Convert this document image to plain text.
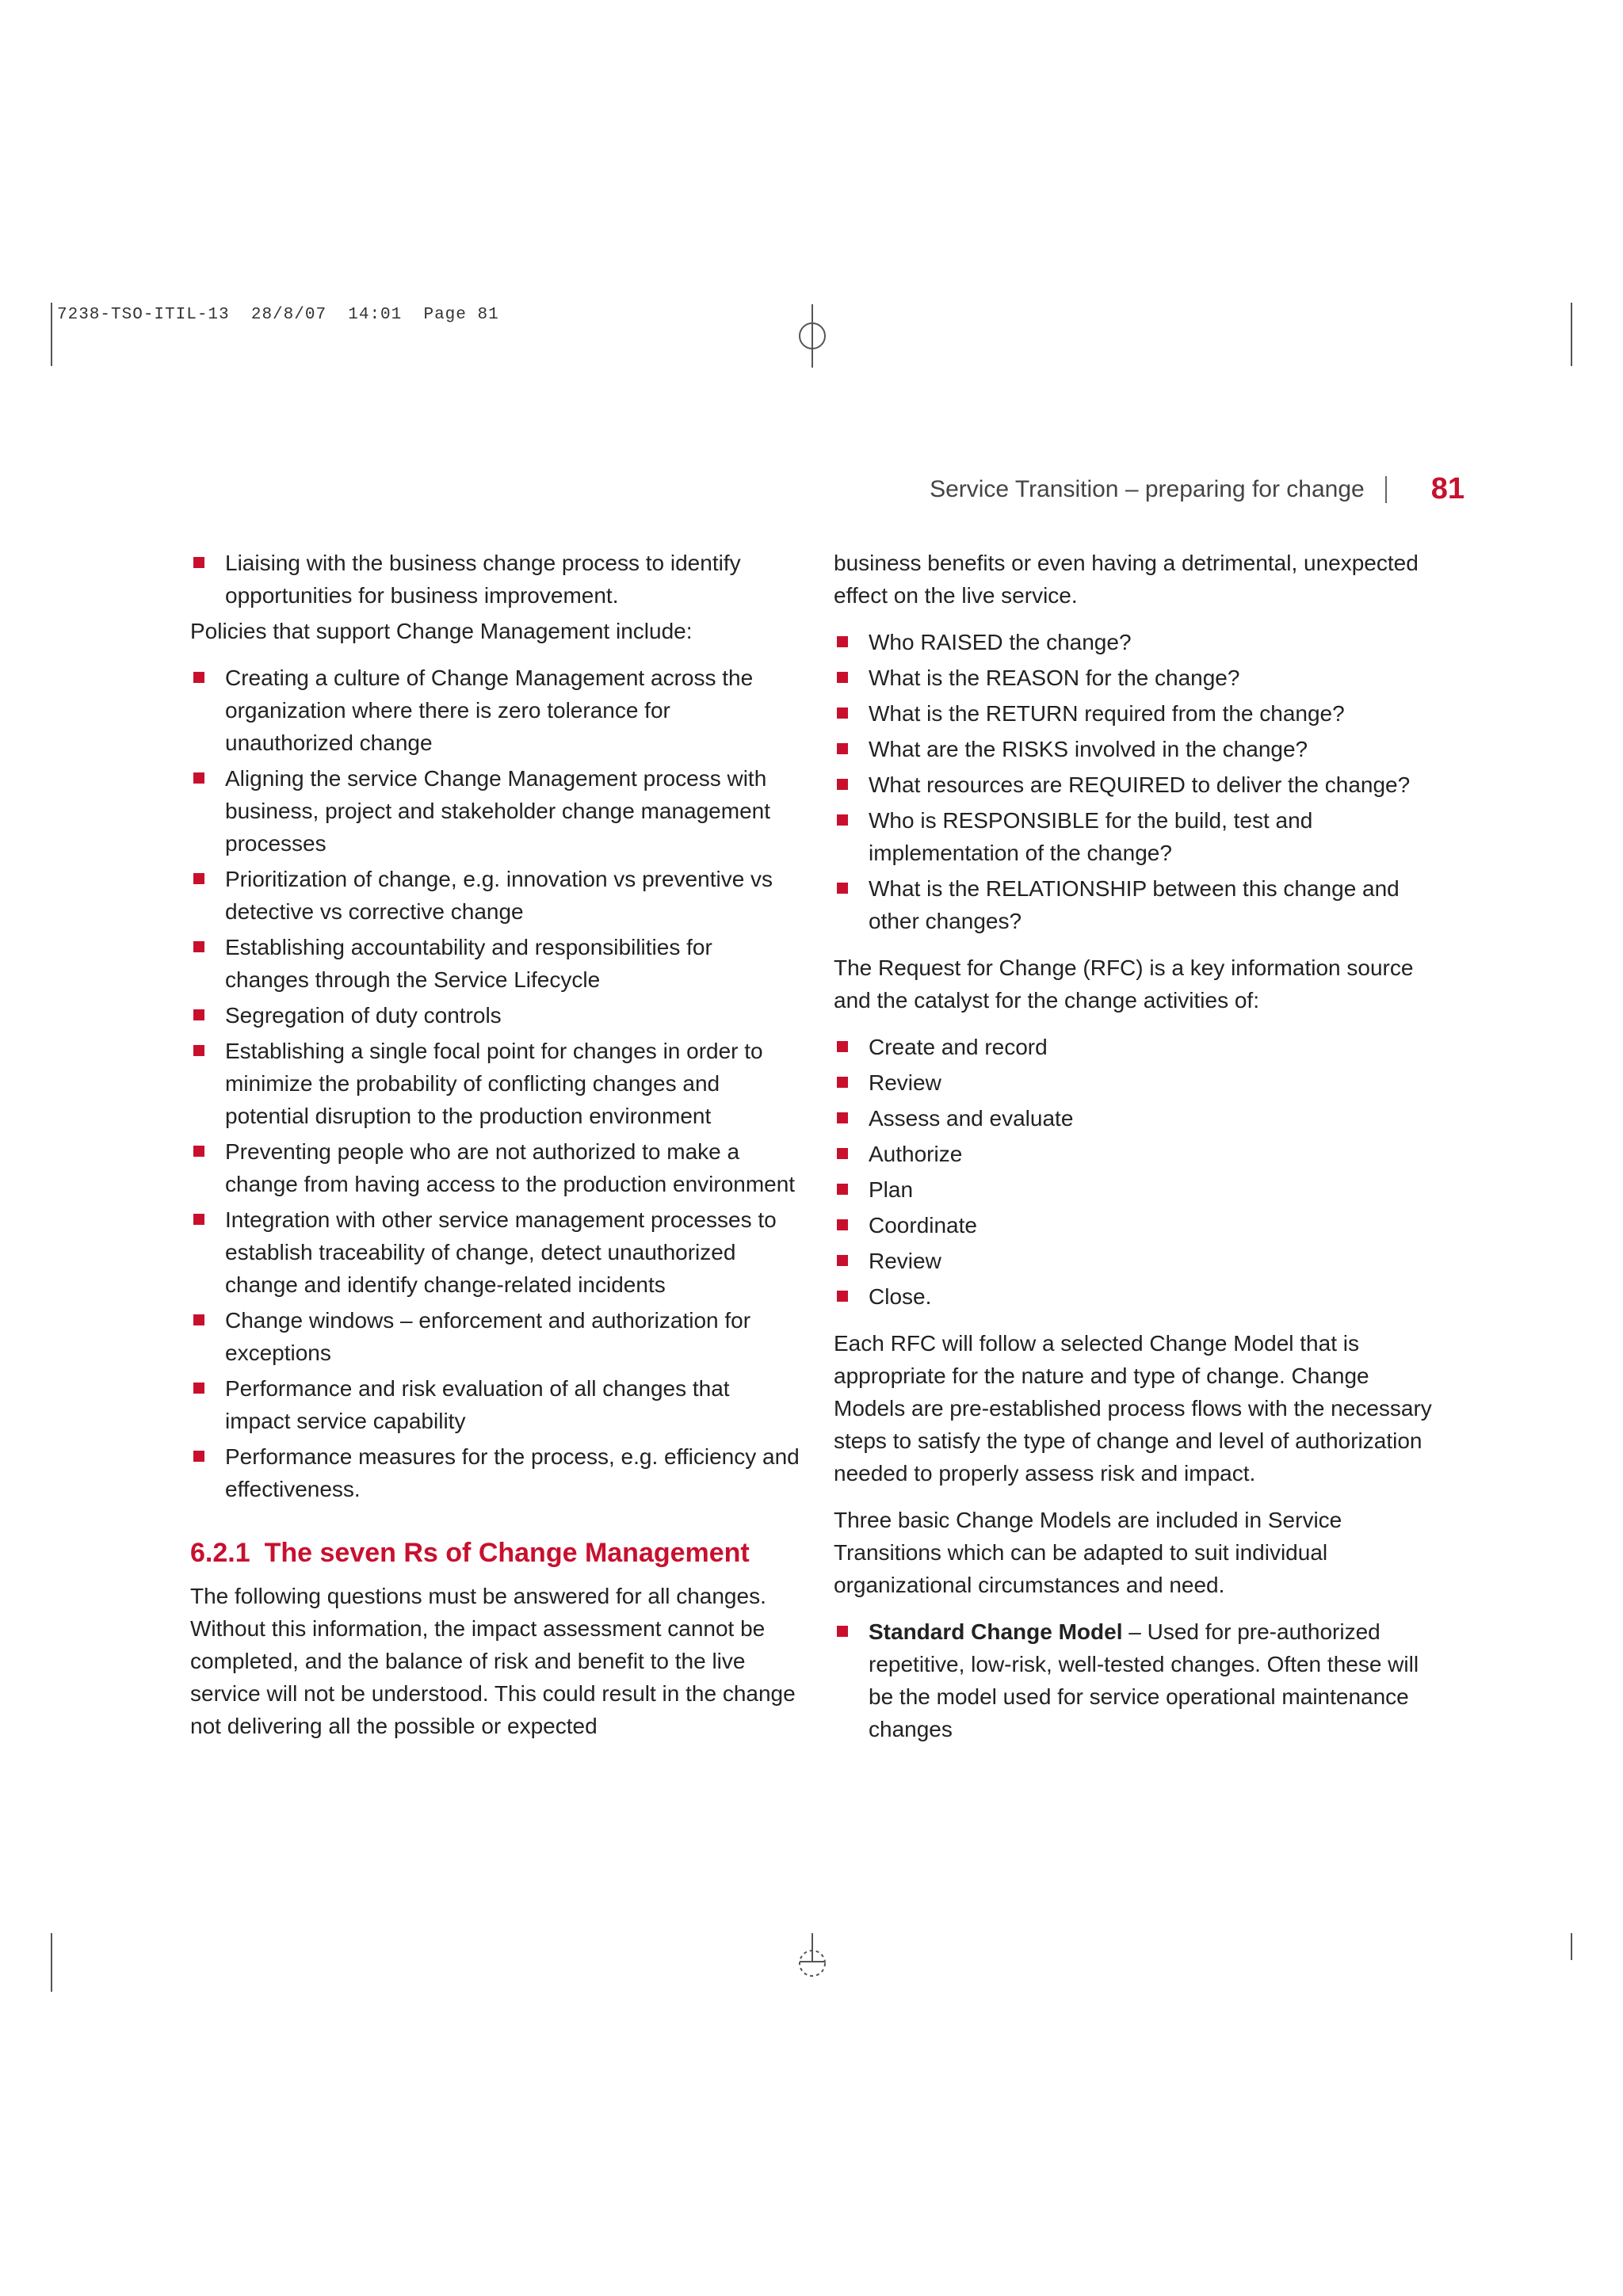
7238-TSO-ITIL-13  28/8/07  14:01  Page 81
Service Transition – preparing for change 81
Liaising with the business change process to identify opportunities for business improvement.

Policies that support Change Management include:

Creating a culture of Change Management across the organization where there is zero tolerance for unauthorized change
Aligning the service Change Management process with business, project and stakeholder change management processes
Prioritization of change, e.g. innovation vs preventive vs detective vs corrective change
Establishing accountability and responsibilities for changes through the Service Lifecycle
Segregation of duty controls
Establishing a single focal point for changes in order to minimize the probability of conflicting changes and potential disruption to the production environment
Preventing people who are not authorized to make a change from having access to the production environment
Integration with other service management processes to establish traceability of change, detect unauthorized change and identify change-related incidents
Change windows – enforcement and authorization for exceptions
Performance and risk evaluation of all changes that impact service capability
Performance measures for the process, e.g. efficiency and effectiveness.
6.2.1 The seven Rs of Change Management

The following questions must be answered for all changes. Without this information, the impact assessment cannot be completed, and the balance of risk and benefit to the live service will not be understood. This could result in the change not delivering all the possible or expected

business benefits or even having a detrimental, unexpected effect on the live service.

Who RAISED the change?
What is the REASON for the change?
What is the RETURN required from the change?
What are the RISKS involved in the change?
What resources are REQUIRED to deliver the change?
Who is RESPONSIBLE for the build, test and implementation of the change?
What is the RELATIONSHIP between this change and other changes?

The Request for Change (RFC) is a key information source and the catalyst for the change activities of:

Create and record
Review
Assess and evaluate
Authorize
Plan
Coordinate
Review
Close.

Each RFC will follow a selected Change Model that is appropriate for the nature and type of change. Change Models are pre-established process flows with the necessary steps to satisfy the type of change and level of authorization needed to properly assess risk and impact.

Three basic Change Models are included in Service Transitions which can be adapted to suit individual organizational circumstances and need.

Standard Change Model – Used for pre-authorized repetitive, low-risk, well-tested changes. Often these will be the model used for service operational maintenance changes
